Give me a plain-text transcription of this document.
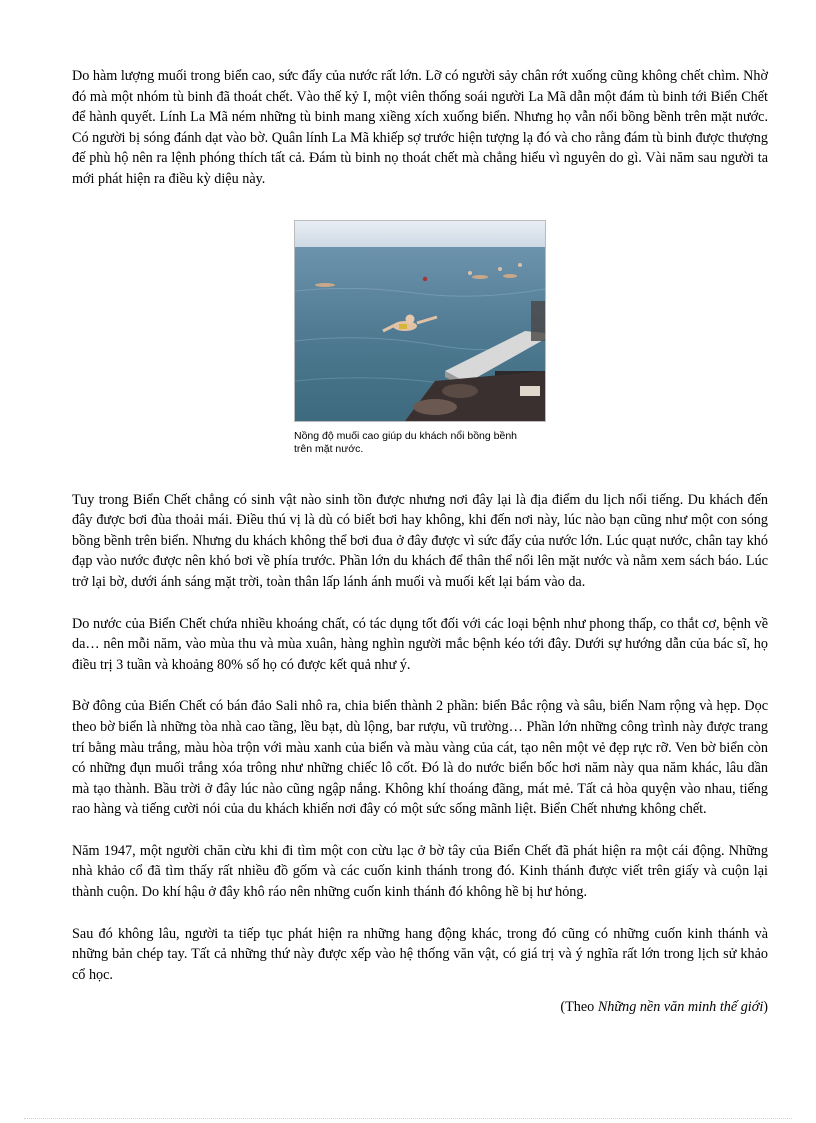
Do hàm lượng muối trong biển cao, sức đẩy của nước rất lớn. Lỡ có người sảy chân rớt xuống cũng không chết chìm. Nhờ đó mà một nhóm tù binh đã thoát chết. Vào thế kỷ I, một viên thống soái người La Mã dẫn một đám tù binh tới Biển Chết để hành quyết. Lính La Mã ném những tù binh mang xiềng xích xuống biển. Nhưng họ vẫn nổi bồng bềnh trên mặt nước. Có người bị sóng đánh dạt vào bờ. Quân lính La Mã khiếp sợ trước hiện tượng lạ đó và cho rằng đám tù binh được thượng đế phù hộ nên ra lệnh phóng thích tất cả. Đám tù binh nọ thoát chết mà chẳng hiểu vì nguyên do gì. Vài năm sau người ta mới phát hiện ra điều kỳ diệu này.

Nồng độ muối cao giúp du khách nổi bồng bềnh trên mặt nước.

Tuy trong Biển Chết chẳng có sinh vật nào sinh tồn được nhưng nơi đây lại là địa điểm du lịch nổi tiếng. Du khách đến đây được bơi đùa thoải mái. Điều thú vị là dù có biết bơi hay không, khi đến nơi này, lúc nào bạn cũng như một con sóng bồng bềnh trên biển. Nhưng du khách không thể bơi đua ở đây được vì sức đẩy của nước lớn. Lúc quạt nước, chân tay khó đạp vào nước được nên khó bơi về phía trước. Phần lớn du khách để thân thể nổi lên mặt nước và nằm xem sách báo. Lúc trở lại bờ, dưới ánh sáng mặt trời, toàn thân lấp lánh ánh muối và muối kết lại bám vào da.

Do nước của Biển Chết chứa nhiều khoáng chất, có tác dụng tốt đối với các loại bệnh như phong thấp, co thắt cơ, bệnh về da… nên mỗi năm, vào mùa thu và mùa xuân, hàng nghìn người mắc bệnh kéo tới đây. Dưới sự hướng dẫn của bác sĩ, họ điều trị 3 tuần và khoảng 80% số họ có được kết quả như ý.

Bờ đông của Biển Chết có bán đảo Sali nhô ra, chia biển thành 2 phần: biển Bắc rộng và sâu, biển Nam rộng và hẹp. Dọc theo bờ biển là những tòa nhà cao tầng, lều bạt, dù lộng, bar rượu, vũ trường… Phần lớn những công trình này được trang trí bằng màu trắng, màu hòa trộn với màu xanh của biển và màu vàng của cát, tạo nên một vẻ đẹp rực rỡ. Ven bờ biển còn có những đụn muối trắng xóa trông như những chiếc lô cốt. Đó là do nước biển bốc hơi năm này qua năm khác, lâu dần mà tạo thành. Bầu trời ở đây lúc nào cũng ngập nắng. Không khí thoáng đãng, mát mẻ. Tất cả hòa quyện vào nhau, tiếng rao hàng và tiếng cười nói của du khách khiến nơi đây có một sức sống mãnh liệt. Biển Chết nhưng không chết.

Năm 1947, một người chăn cừu khi đi tìm một con cừu lạc ở bờ tây của Biển Chết đã phát hiện ra một cái động. Những nhà khảo cổ đã tìm thấy rất nhiều đồ gốm và các cuốn kinh thánh trong đó. Kinh thánh được viết trên giấy và cuộn lại thành cuộn. Do khí hậu ở đây khô ráo nên những cuốn kinh thánh đó không hề bị hư hỏng.

Sau đó không lâu, người ta tiếp tục phát hiện ra những hang động khác, trong đó cũng có những cuốn kinh thánh và những bản chép tay. Tất cả những thứ này được xếp vào hệ thống văn vật, có giá trị và ý nghĩa rất lớn trong lịch sử khảo cổ học.

(Theo Những nền văn minh thế giới)
